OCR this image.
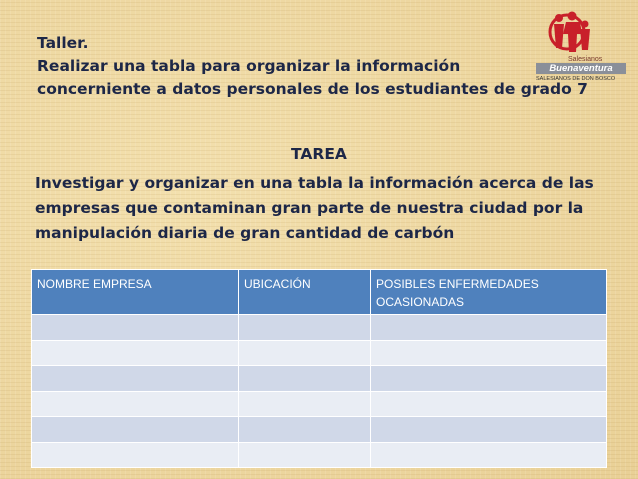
Taller.
Realizar una tabla para organizar la información
concerniente a datos personales de los estudiantes de grado 7
Salesianos
Buenaventura
SALESIANOS DE DON BOSCO
TAREA
Investigar y organizar en una tabla la información acerca de las
empresas que contaminan gran parte de nuestra ciudad por la
manipulación diaria de gran cantidad de carbón
NOMBRE EMPRESA	UBICACIÓN	POSIBLES ENFERMEDADES OCASIONADAS
